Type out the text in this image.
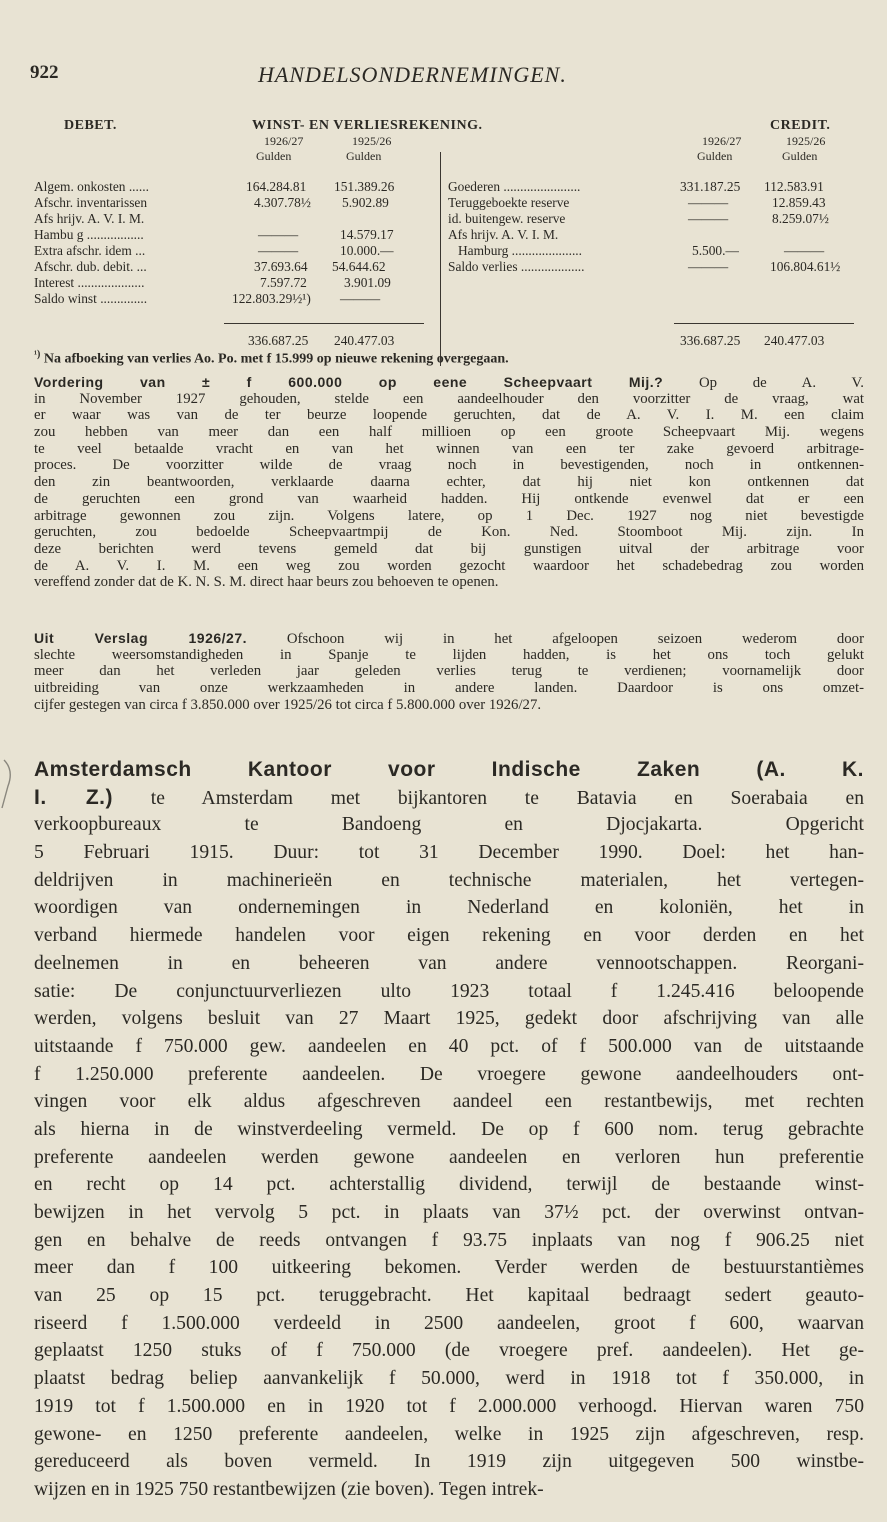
922	HANDELSONDERNEMINGEN.
DEBET.	WINST- EN VERLIESREKENING.	CREDIT.
1926/27	1925/26	1926/27	1925/26
Gulden	Gulden	Gulden	Gulden
Algem. onkosten ......	164.284.81 151.389.26	Goederen .......................	331.187.25 112.583.91
Afschr. inventarissen	4.307.78½ 5.902.89	Teruggeboekte reserve	———	12.859.43
Afs hrijv. A. V. I. M.	id. buitengew. reserve	———	8.259.07½
Hambu g .................	———	14.579.17	Afs hrijv. A. V. I. M.
Extra afschr. idem ...	———	10.000.—	Hamburg .....................	5.500.—	———
Afschr. dub. debit. ...	37.693.64 54.644.62	Saldo verlies ...................	———	106.804.61½
Interest ....................	7.597.72	3.901.09
Saldo winst ..............	122.803.29½¹) ———
336.687.25 240.477.03	336.687.25 240.477.03
$^{^1)}$ Na afboeking van verlies Ao. Po. met f 15.999 op nieuwe rekening overgegaan.
Vordering van ± f 600.000 op eene Scheepvaart Mij.? Op de A. V.
in November 1927 gehouden, stelde een aandeelhouder den voorzitter de vraag, wat
er waar was van de ter beurze loopende geruchten, dat de A. V. I. M. een claim
zou hebben van meer dan een half millioen op een groote Scheepvaart Mij. wegens
te veel betaalde vracht en van het winnen van een ter zake gevoerd arbitrage-
proces. De voorzitter wilde de vraag noch in bevestigenden, noch in ontkennen-
den zin beantwoorden, verklaarde daarna echter, dat hij niet kon ontkennen dat
de geruchten een grond van waarheid hadden. Hij ontkende evenwel dat er een
arbitrage gewonnen zou zijn. Volgens latere, op 1 Dec. 1927 nog niet bevestigde
geruchten, zou bedoelde Scheepvaartmpij de Kon. Ned. Stoomboot Mij. zijn. In
deze berichten werd tevens gemeld dat bij gunstigen uitval der arbitrage voor
de A. V. I. M. een weg zou worden gezocht waardoor het schadebedrag zou worden
vereffend zonder dat de K. N. S. M. direct haar beurs zou behoeven te openen.
Uit Verslag 1926/27. Ofschoon wij in het afgeloopen seizoen wederom door
slechte weersomstandigheden in Spanje te lijden hadden, is het ons toch gelukt
meer dan het verleden jaar geleden verlies terug te verdienen; voornamelijk door
uitbreiding van onze werkzaamheden in andere landen. Daardoor is ons omzet-
cijfer gestegen van circa f 3.850.000 over 1925/26 tot circa f 5.800.000 over 1926/27.
Amsterdamsch Kantoor voor Indische Zaken (A. K.
I. Z.) te Amsterdam met bijkantoren te Batavia en Soerabaia en
verkoopbureaux te Bandoeng en Djocjakarta. Opgericht
5 Februari 1915. Duur: tot 31 December 1990. Doel: het han-
deldrijven in machinerieën en technische materialen, het vertegen-
woordigen van ondernemingen in Nederland en koloniën, het in
verband hiermede handelen voor eigen rekening en voor derden en het
deelnemen in en beheeren van andere vennootschappen. Reorgani-
satie: De conjunctuurverliezen ulto 1923 totaal f 1.245.416 beloopende
werden, volgens besluit van 27 Maart 1925, gedekt door afschrijving van alle
uitstaande f 750.000 gew. aandeelen en 40 pct. of f 500.000 van de uitstaande
f 1.250.000 preferente aandeelen. De vroegere gewone aandeelhouders ont-
vingen voor elk aldus afgeschreven aandeel een restantbewijs, met rechten
als hierna in de winstverdeeling vermeld. De op f 600 nom. terug gebrachte
preferente aandeelen werden gewone aandeelen en verloren hun preferentie
en recht op 14 pct. achterstallig dividend, terwijl de bestaande winst-
bewijzen in het vervolg 5 pct. in plaats van 37½ pct. der overwinst ontvan-
gen en behalve de reeds ontvangen f 93.75 inplaats van nog f 906.25 niet
meer dan f 100 uitkeering bekomen. Verder werden de bestuurstantièmes
van 25 op 15 pct. teruggebracht. Het kapitaal bedraagt sedert geauto-
riseerd f 1.500.000 verdeeld in 2500 aandeelen, groot f 600, waarvan
geplaatst 1250 stuks of f 750.000 (de vroegere pref. aandeelen). Het ge-
plaatst bedrag beliep aanvankelijk f 50.000, werd in 1918 tot f 350.000, in
1919 tot f 1.500.000 en in 1920 tot f 2.000.000 verhoogd. Hiervan waren 750
gewone- en 1250 preferente aandeelen, welke in 1925 zijn afgeschreven, resp.
gereduceerd als boven vermeld. In 1919 zijn uitgegeven 500 winstbe-
wijzen en in 1925 750 restantbewijzen (zie boven). Tegen intrek-
